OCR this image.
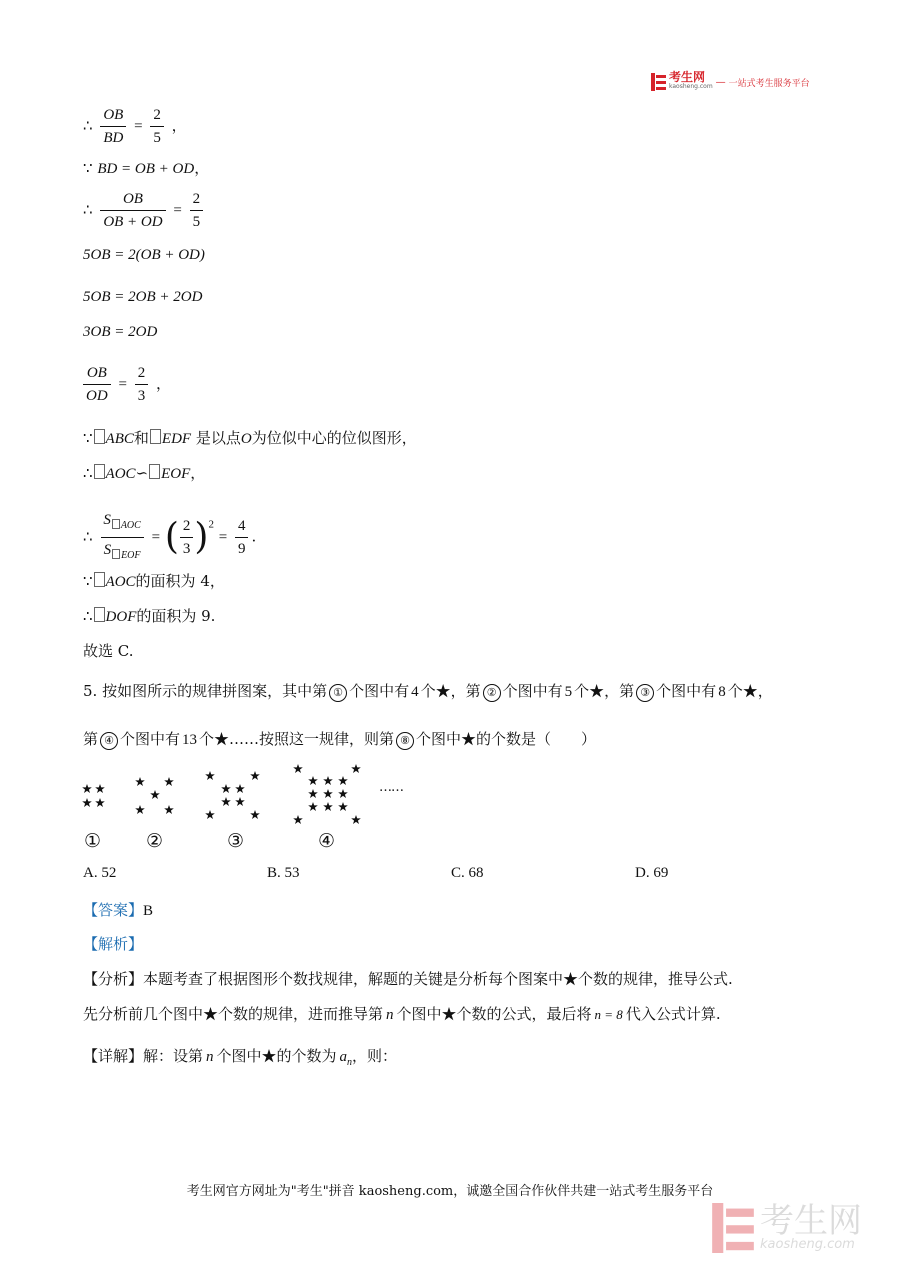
考生网
kaosheng.com — 一站式考生服务平台
∴ $\frac{OB}{BD} = \frac{2}{5}$ ，
∵ BD = OB + OD，
∴ $\frac{OB}{OB + OD} = \frac{2}{5}$
5OB = 2(OB + OD)
5OB = 2OB + 2OD
3OB = 2OD
$\frac{OB}{OD} = \frac{2}{3}$ ，
∵ ABC和 EDF 是以点O为位似中心的位似图形，
∴ AOC∽ EOF，
∴ $\frac{S _{AOC}}{S _{EOF}}$ = ( $\frac{2}{3} )^2 = \frac{4}{9}$ .
∵ AOC的面积为 4，
∴ DOF的面积为 9.
故选 C.
5. 按如图所示的规律拼图案，其中第 ① 个图中有 4 个★，第 ② 个图中有 5 个★，第 ③ 个图中有 8 个★，
第 ④ 个图中有 13 个★……按照这一规律，则第 ⑧ 个图中★的个数是（　　）
……
① ②	③	④
A. 52	B. 53	C. 68	D. 69
【答案】B
【解析】
【分析】本题考查了根据图形个数找规律，解题的关键是分析每个图案中★个数的规律，推导公式.
先分析前几个图中★个数的规律，进而推导第 n 个图中★个数的公式，最后将 n = 8 代入公式计算.
【详解】解：设第 n 个图中★的个数为 $a_n$，则：
考生网官方网址为"考生"拼音 kaosheng.com，诚邀全国合作伙伴共建一站式考生服务平台
考生网
kaosheng.com
